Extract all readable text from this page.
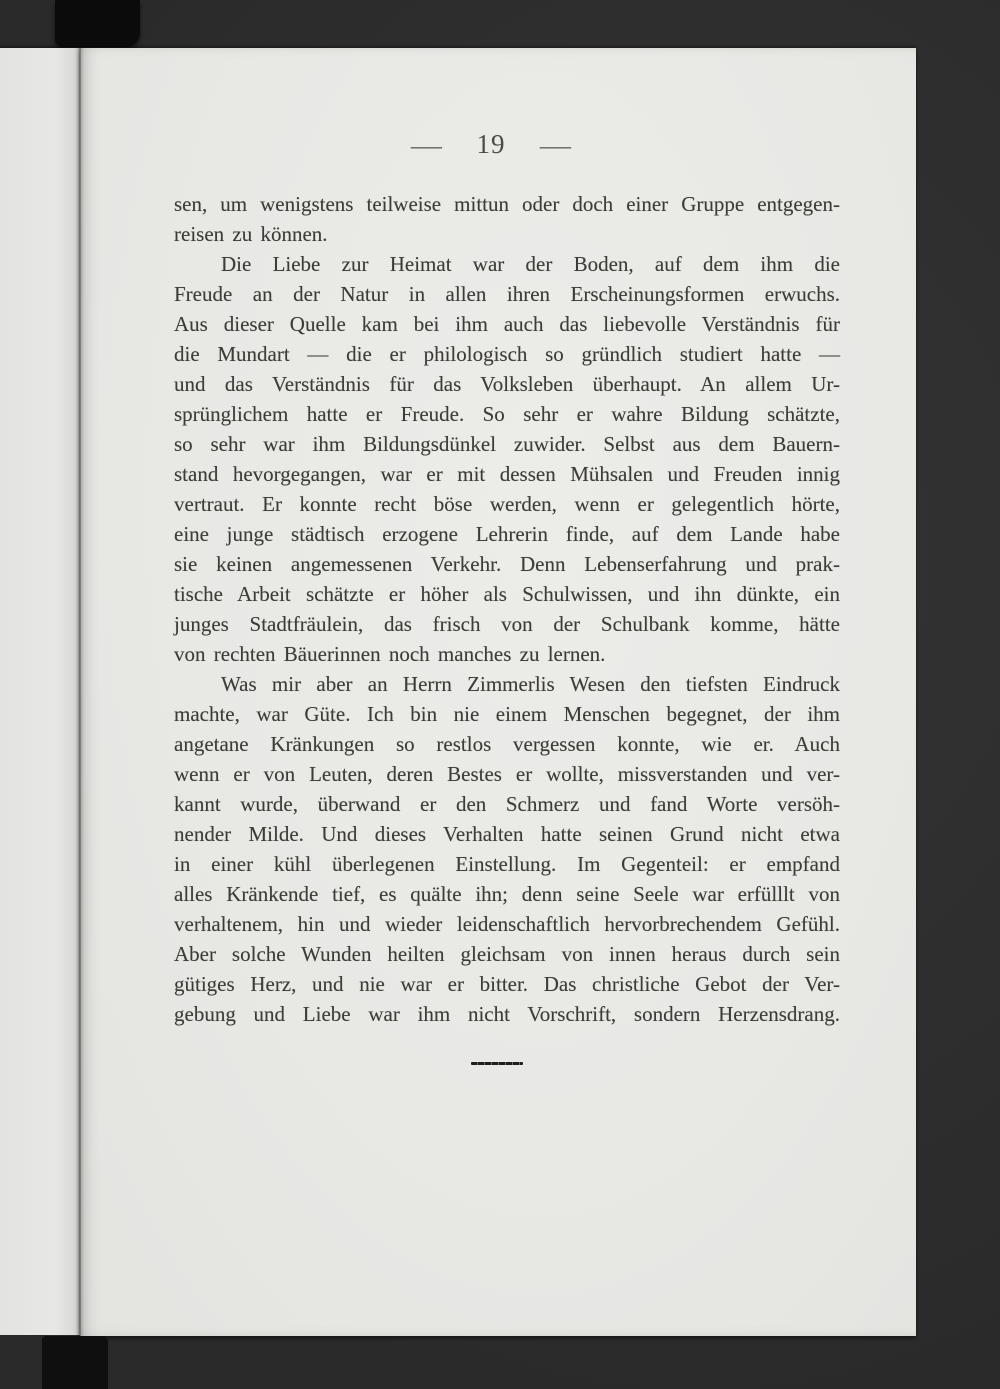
— 19 —
sen, um wenigstens teilweise mittun oder doch einer Gruppe entgegen-
reisen zu können.
Die Liebe zur Heimat war der Boden, auf dem ihm die
Freude an der Natur in allen ihren Erscheinungsformen erwuchs.
Aus dieser Quelle kam bei ihm auch das liebevolle Verständnis für
die Mundart — die er philologisch so gründlich studiert hatte —
und das Verständnis für das Volksleben überhaupt. An allem Ur-
sprünglichem hatte er Freude. So sehr er wahre Bildung schätzte,
so sehr war ihm Bildungsdünkel zuwider. Selbst aus dem Bauern-
stand hevorgegangen, war er mit dessen Mühsalen und Freuden innig
vertraut. Er konnte recht böse werden, wenn er gelegentlich hörte,
eine junge städtisch erzogene Lehrerin finde, auf dem Lande habe
sie keinen angemessenen Verkehr. Denn Lebenserfahrung und prak-
tische Arbeit schätzte er höher als Schulwissen, und ihn dünkte, ein
junges Stadtfräulein, das frisch von der Schulbank komme, hätte
von rechten Bäuerinnen noch manches zu lernen.
Was mir aber an Herrn Zimmerlis Wesen den tiefsten Eindruck
machte, war Güte. Ich bin nie einem Menschen begegnet, der ihm
angetane Kränkungen so restlos vergessen konnte, wie er. Auch
wenn er von Leuten, deren Bestes er wollte, missverstanden und ver-
kannt wurde, überwand er den Schmerz und fand Worte versöh-
nender Milde. Und dieses Verhalten hatte seinen Grund nicht etwa
in einer kühl überlegenen Einstellung. Im Gegenteil: er empfand
alles Kränkende tief, es quälte ihn; denn seine Seele war erfülllt von
verhaltenem, hin und wieder leidenschaftlich hervorbrechendem Gefühl.
Aber solche Wunden heilten gleichsam von innen heraus durch sein
gütiges Herz, und nie war er bitter. Das christliche Gebot der Ver-
gebung und Liebe war ihm nicht Vorschrift, sondern Herzensdrang.
